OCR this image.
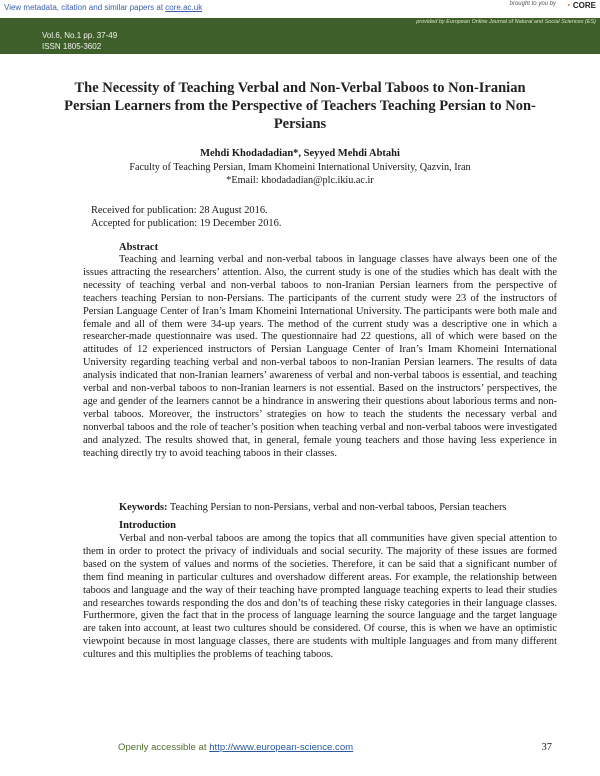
View metadata, citation and similar papers at core.ac.uk	brought to you by ◔ CORE
provided by European Online Journal of Natural and Social Sciences (ES)
Vol.6, No.1 pp. 37-49
ISSN 1805-3602
The Necessity of Teaching Verbal and Non-Verbal Taboos to Non-Iranian Persian Learners from the Perspective of Teachers Teaching Persian to Non-Persians
Mehdi Khodadadian*, Seyyed Mehdi Abtahi
Faculty of Teaching Persian, Imam Khomeini International University, Qazvin, Iran
*Email: khodadadian@plc.ikiu.ac.ir
Received for publication: 28 August 2016.
Accepted for publication: 19 December 2016.
Abstract
Teaching and learning verbal and non-verbal taboos in language classes have always been one of the issues attracting the researchers’ attention. Also, the current study is one of the studies which has dealt with the necessity of teaching verbal and non-verbal taboos to non-Iranian Persian learners from the perspective of teachers teaching Persian to non-Persians. The participants of the current study were 23 of the instructors of Persian Language Center of Iran’s Imam Khomeini International University. The participants were both male and female and all of them were 34-up years. The method of the current study was a descriptive one in which a researcher-made questionnaire was used. The questionnaire had 22 questions, all of which were based on the attitudes of 12 experienced instructors of Persian Language Center of Iran’s Imam Khomeini International University regarding teaching verbal and non-verbal taboos to non-Iranian Persian learners. The results of data analysis indicated that non-Iranian learners’ awareness of verbal and non-verbal taboos is essential, and teaching verbal and non-verbal taboos to non-Iranian learners is not essential. Based on the instructors’ perspectives, the age and gender of the learners cannot be a hindrance in answering their questions about laborious terms and non-verbal taboos. Moreover, the instructors’ strategies on how to teach the students the necessary verbal and nonverbal taboos and the role of teacher’s position when teaching verbal and non-verbal taboos were investigated and analyzed. The results showed that, in general, female young teachers and those having less experience in teaching directly try to avoid teaching taboos in their classes.
Keywords: Teaching Persian to non-Persians, verbal and non-verbal taboos, Persian teachers
Introduction
Verbal and non-verbal taboos are among the topics that all communities have given special attention to them in order to protect the privacy of individuals and social security. The majority of these issues are formed based on the system of values and norms of the societies. Therefore, it can be said that a significant number of them find meaning in particular cultures and overshadow different areas. For example, the relationship between taboos and language and the way of their teaching have prompted language teaching experts to lead their studies and researches towards responding the dos and don’ts of teaching these risky categories in their language classes. Furthermore, given the fact that in the process of language learning the source language and the target language are taken into account, at least two cultures should be considered. Of course, this is when we have an optimistic viewpoint because in most language classes, there are students with multiple languages and from many different cultures and this multiplies the problems of teaching taboos.
Openly accessible at http://www.european-science.com	37
